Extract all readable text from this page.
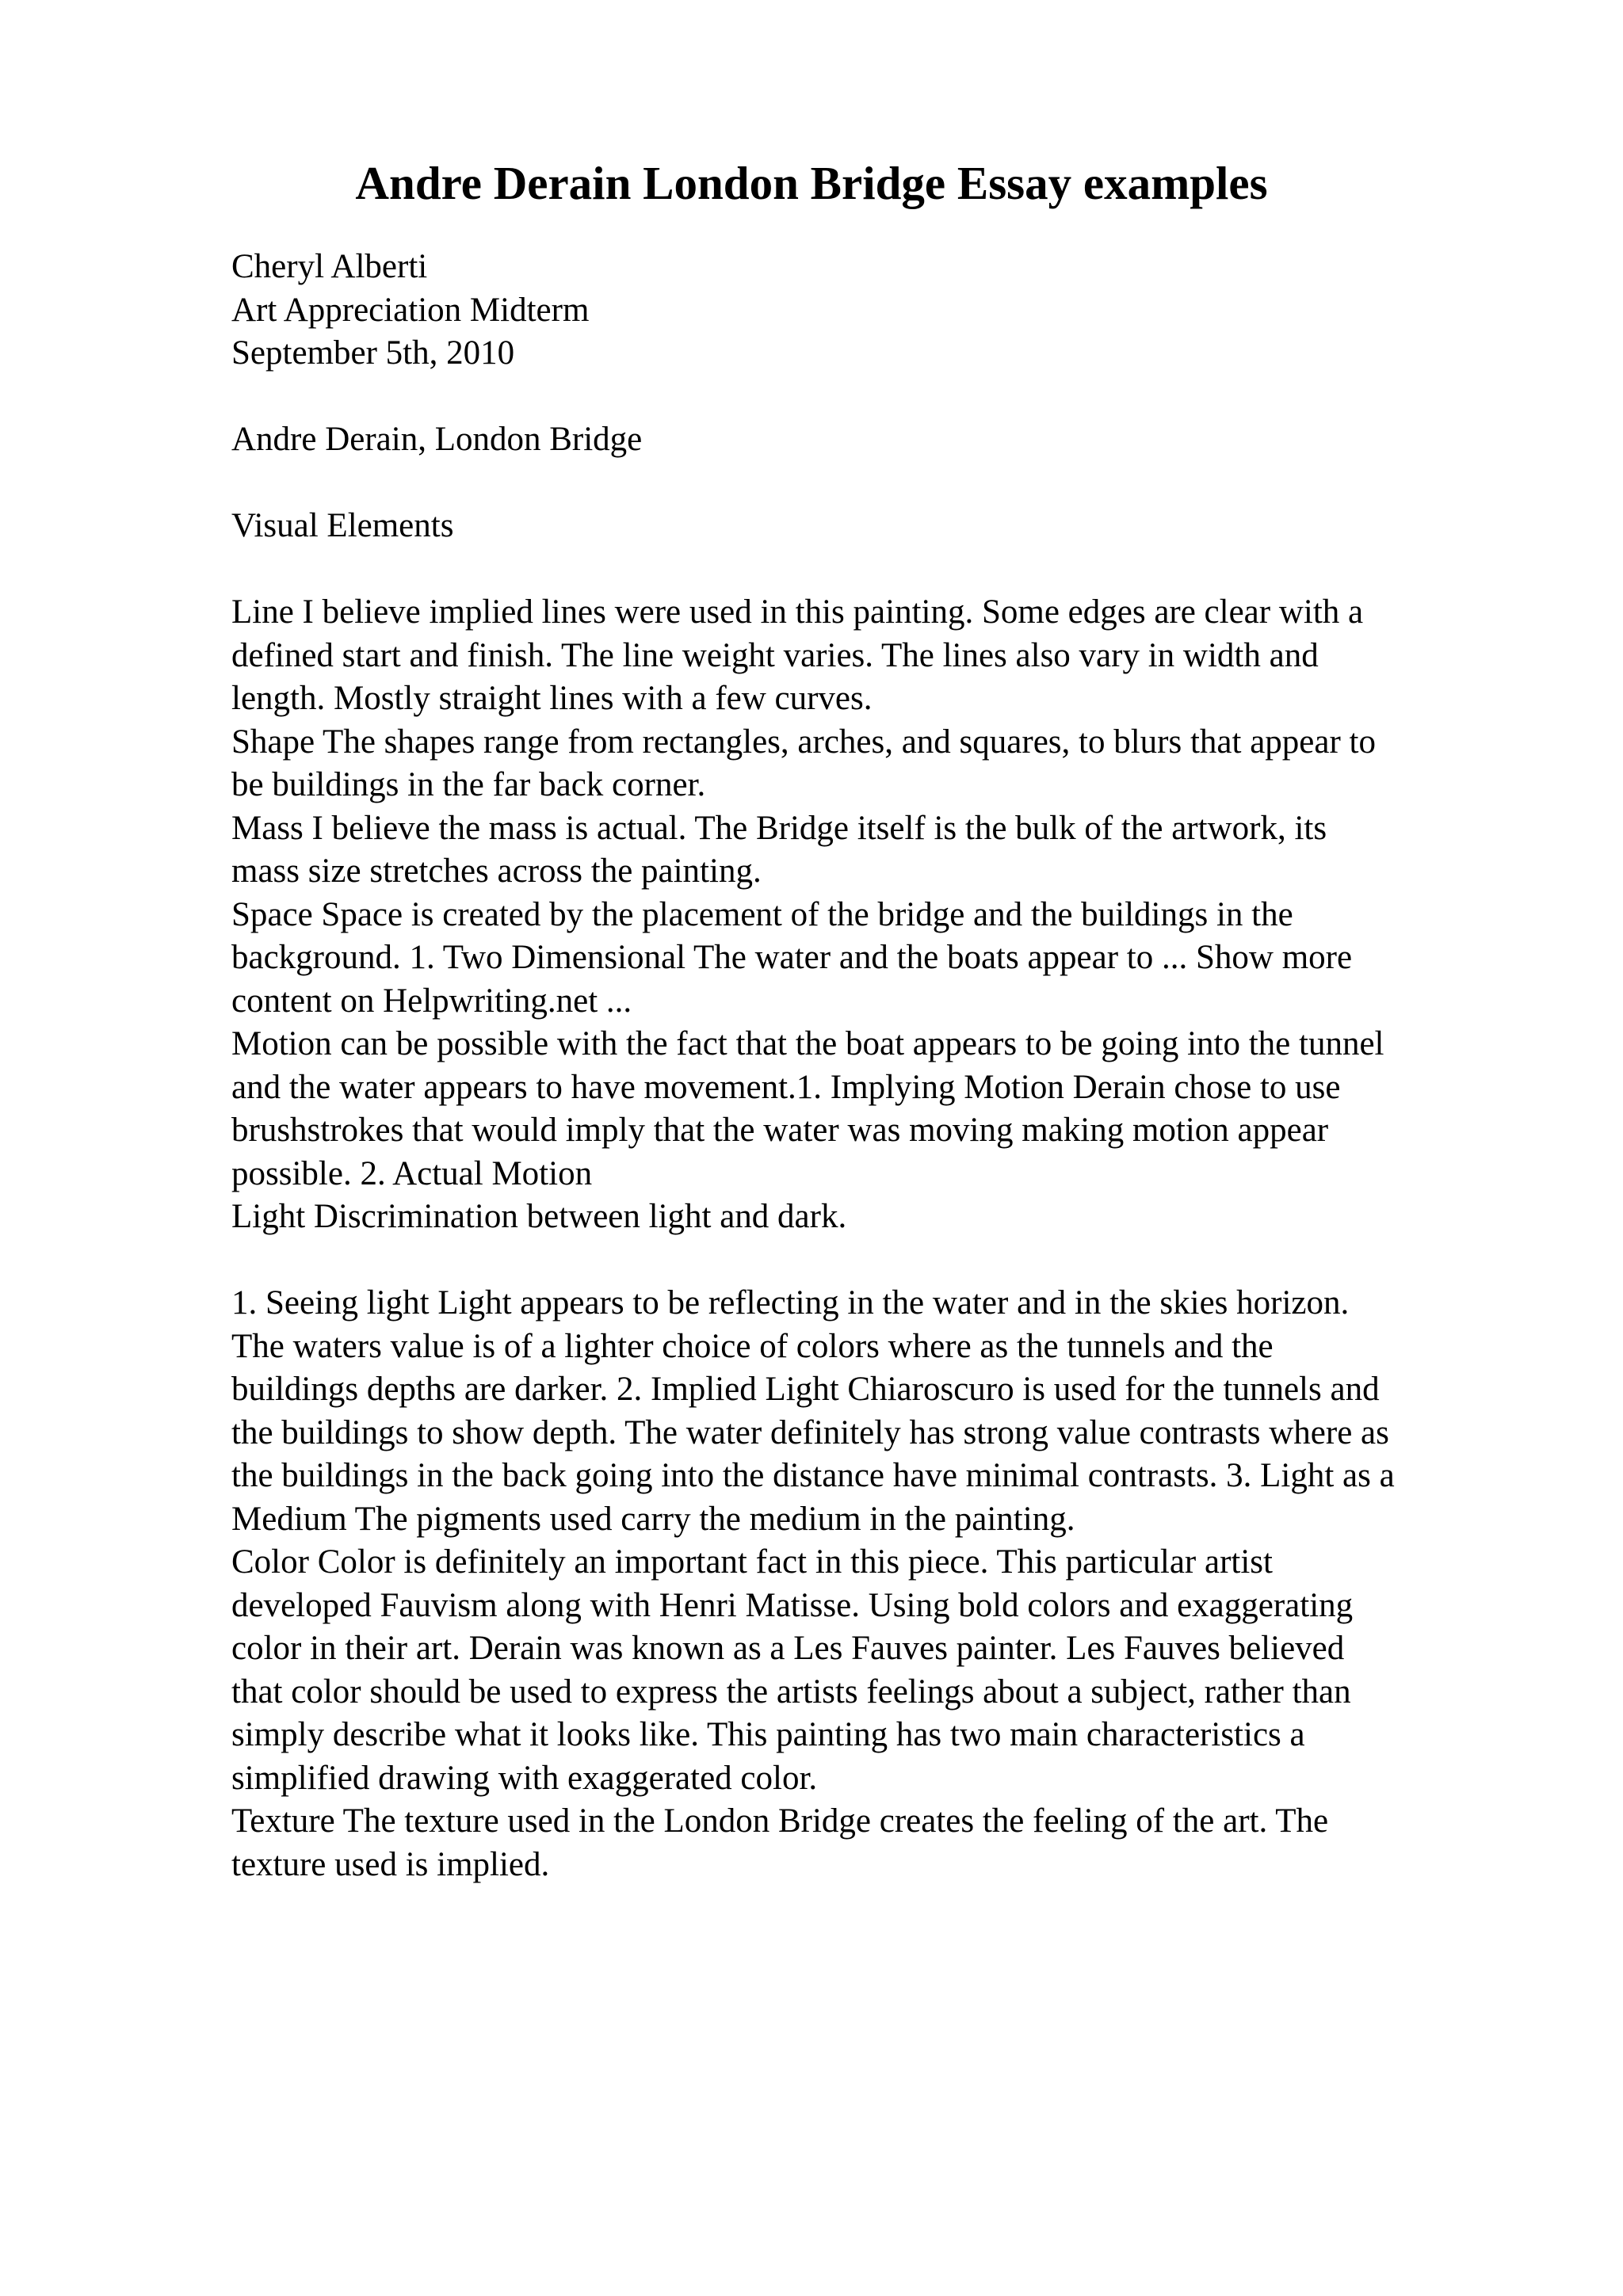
Andre Derain London Bridge Essay examples
Cheryl Alberti
Art Appreciation Midterm
September 5th, 2010
Andre Derain, London Bridge
Visual Elements
Line I believe implied lines were used in this painting. Some edges are clear with a
defined start and finish. The line weight varies. The lines also vary in width and
length. Mostly straight lines with a few curves.
Shape The shapes range from rectangles, arches, and squares, to blurs that appear to
be buildings in the far back corner.
Mass I believe the mass is actual. The Bridge itself is the bulk of the artwork, its
mass size stretches across the painting.
Space Space is created by the placement of the bridge and the buildings in the
background. 1. Two Dimensional The water and the boats appear to ... Show more
content on Helpwriting.net ...
Motion can be possible with the fact that the boat appears to be going into the tunnel
and the water appears to have movement.1. Implying Motion Derain chose to use
brushstrokes that would imply that the water was moving making motion appear
possible. 2. Actual Motion
Light Discrimination between light and dark.
1. Seeing light Light appears to be reflecting in the water and in the skies horizon.
The waters value is of a lighter choice of colors where as the tunnels and the
buildings depths are darker. 2. Implied Light Chiaroscuro is used for the tunnels and
the buildings to show depth. The water definitely has strong value contrasts where as
the buildings in the back going into the distance have minimal contrasts. 3. Light as a
Medium The pigments used carry the medium in the painting.
Color Color is definitely an important fact in this piece. This particular artist
developed Fauvism along with Henri Matisse. Using bold colors and exaggerating
color in their art. Derain was known as a Les Fauves painter. Les Fauves believed
that color should be used to express the artists feelings about a subject, rather than
simply describe what it looks like. This painting has two main characteristics a
simplified drawing with exaggerated color.
Texture The texture used in the London Bridge creates the feeling of the art. The
texture used is implied.
